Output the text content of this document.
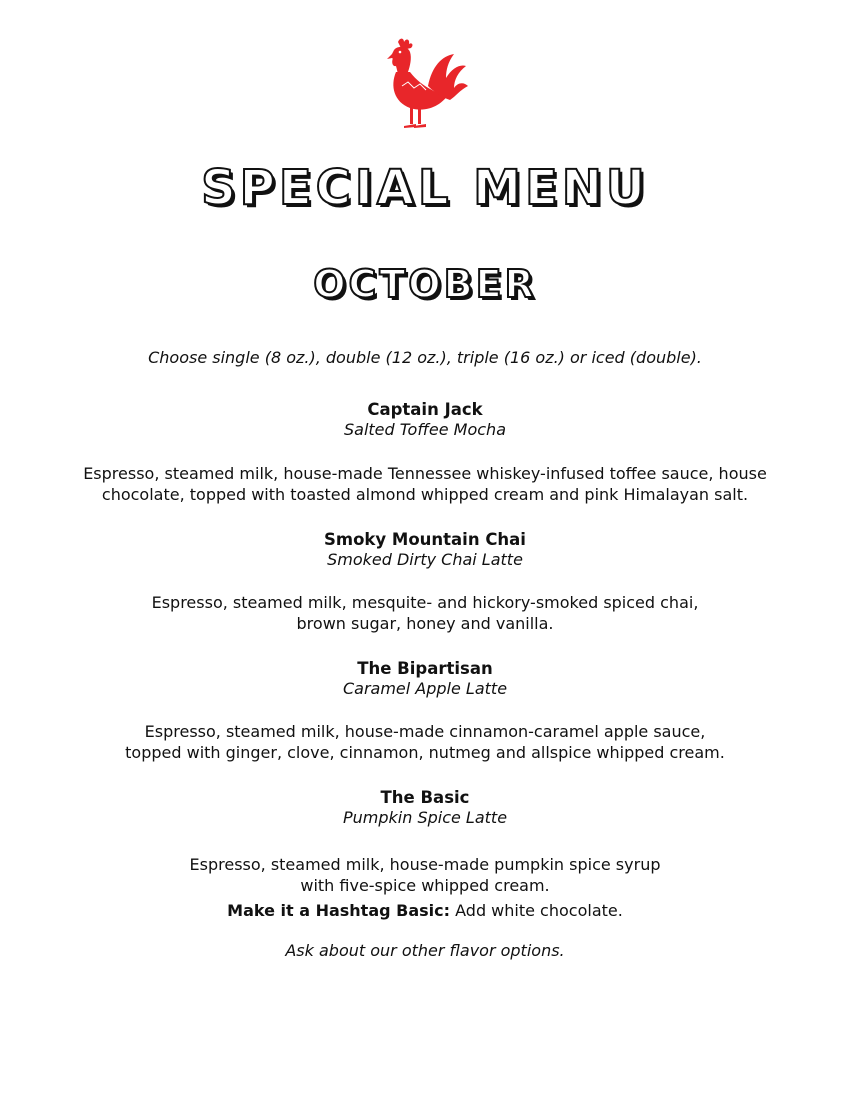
SPECIAL MENU
OCTOBER
Choose single (8 oz.), double (12 oz.), triple (16 oz.) or iced (double).
Captain Jack
Salted Toffee Mocha
Espresso, steamed milk, house-made Tennessee whiskey-infused toffee sauce, house
chocolate, topped with toasted almond whipped cream and pink Himalayan salt.
Smoky Mountain Chai
Smoked Dirty Chai Latte
Espresso, steamed milk, mesquite- and hickory-smoked spiced chai,
brown sugar, honey and vanilla.
The Bipartisan
Caramel Apple Latte
Espresso, steamed milk, house-made cinnamon-caramel apple sauce,
topped with ginger, clove, cinnamon, nutmeg and allspice whipped cream.
The Basic
Pumpkin Spice Latte
Espresso, steamed milk, house-made pumpkin spice syrup
with five-spice whipped cream.
Make it a Hashtag Basic: Add white chocolate.
Ask about our other flavor options.
